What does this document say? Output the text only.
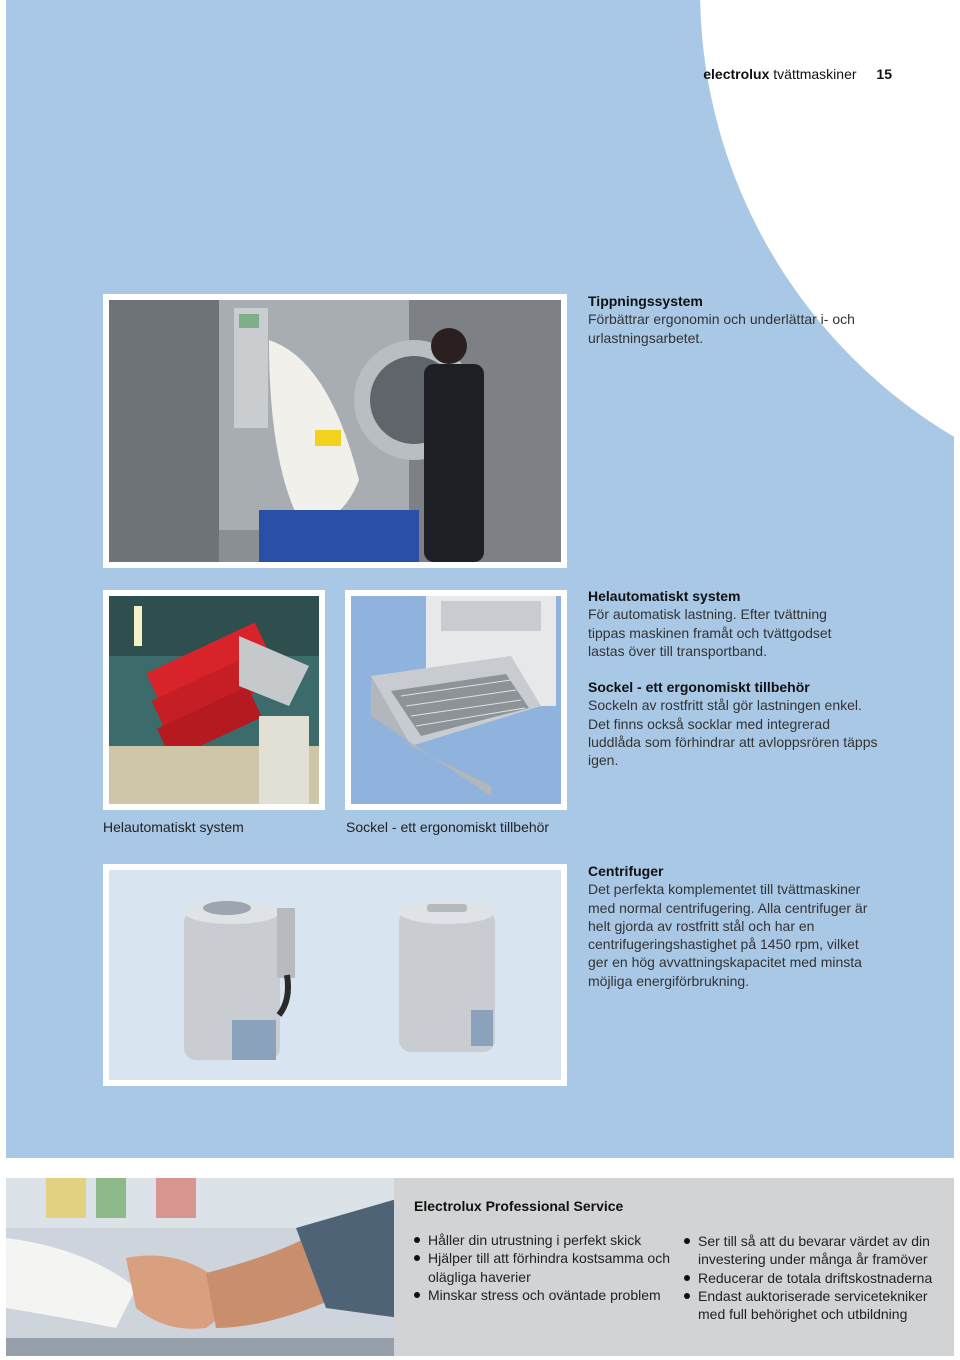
electrolux tvättmaskiner 15
Tippningssystem
Förbättrar ergonomin och underlättar i- och urlastningsarbetet.
Helautomatiskt system
För automatisk lastning. Efter tvättning tippas maskinen framåt och tvättgodset lastas över till transportband.
Sockel - ett ergonomiskt tillbehör
Sockeln av rostfritt stål gör lastningen enkel. Det finns också socklar med integrerad luddlåda som förhindrar att avloppsrören täpps igen.
Helautomatiskt system	Sockel - ett ergonomiskt tillbehör
Centrifuger
Det perfekta komplementet till tvättmaskiner med normal centrifugering. Alla centrifuger är helt gjorda av rostfritt stål och har en centrifugeringshastighet på 1450 rpm, vilket ger en hög avvattningskapacitet med minsta möjliga energiförbrukning.
Electrolux Professional Service
Håller din utrustning i perfekt skick
Hjälper till att förhindra kostsamma och olägliga haverier
Minskar stress och oväntade problem
Ser till så att du bevarar värdet av din investering under många år framöver
Reducerar de totala driftskostnaderna
Endast auktoriserade servicetekniker med full behörighet och utbildning
